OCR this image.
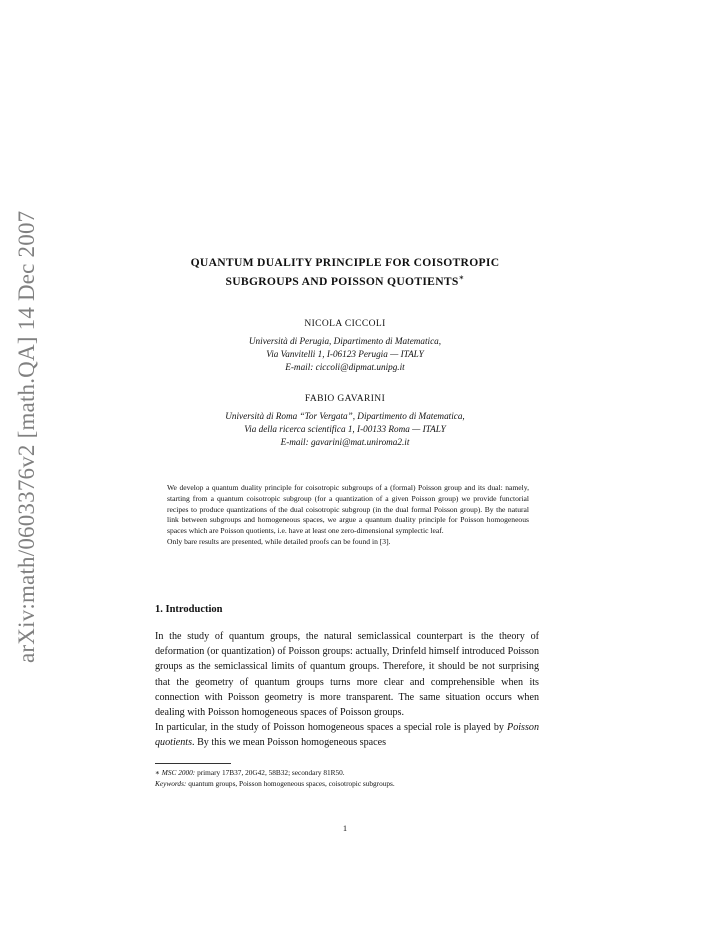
arXiv:math/0603376v2 [math.QA] 14 Dec 2007	QUANTUM DUALITY PRINCIPLE FOR COISOTROPIC
SUBGROUPS AND POISSON QUOTIENTS∗
NICOLA CICCOLI
Università di Perugia, Dipartimento di Matematica,
Via Vanvitelli 1, I-06123 Perugia — ITALY
E-mail: ciccoli@dipmat.unipg.it
FABIO GAVARINI
Università di Roma “Tor Vergata”, Dipartimento di Matematica,
Via della ricerca scientifica 1, I-00133 Roma — ITALY
E-mail: gavarini@mat.uniroma2.it

We develop a quantum duality principle for coisotropic subgroups of a (formal) Poisson group and its dual: namely, starting from a quantum coisotropic subgroup (for a quantization of a given Poisson group) we provide functorial recipes to produce quantizations of the dual coisotropic subgroup (in the dual formal Poisson group). By the natural link between subgroups and homogeneous spaces, we argue a quantum duality principle for Poisson homogeneous spaces which are Poisson quotients, i.e. have at least one zero-dimensional symplectic leaf.

Only bare results are presented, while detailed proofs can be found in [3].

1. Introduction

In the study of quantum groups, the natural semiclassical counterpart is the theory of deformation (or quantization) of Poisson groups: actually, Drinfeld himself introduced Poisson groups as the semiclassical limits of quantum groups. Therefore, it should be not surprising that the geometry of quantum groups turns more clear and comprehensible when its connection with Poisson geometry is more transparent. The same situation occurs when dealing with Poisson homogeneous spaces of Poisson groups.

In particular, in the study of Poisson homogeneous spaces a special role is played by Poisson quotients. By this we mean Poisson homogeneous spaces

∗ MSC 2000: primary 17B37, 20G42, 58B32; secondary 81R50.

Keywords: quantum groups, Poisson homogeneous spaces, coisotropic subgroups.

1
